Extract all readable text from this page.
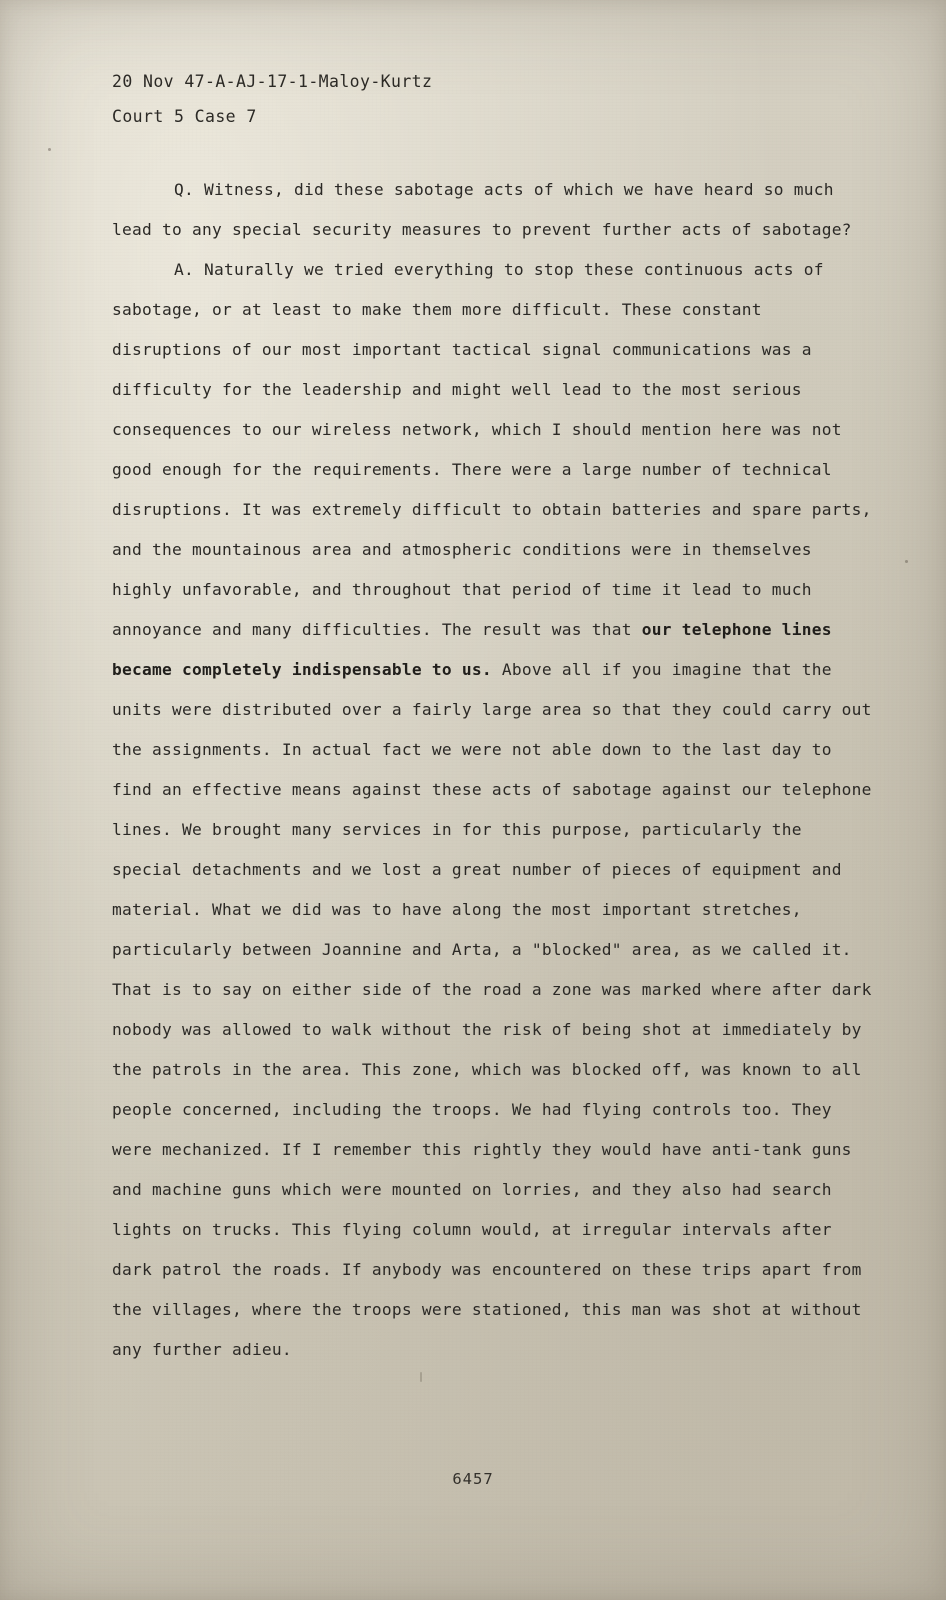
20 Nov 47-A-AJ-17-1-Maloy-Kurtz
Court 5 Case 7

Q. Witness, did these sabotage acts of which we have heard so much lead to any special security measures to prevent further acts of sabotage?

A. Naturally we tried everything to stop these continuous acts of sabotage, or at least to make them more difficult. These constant disruptions of our most important tactical signal communications was a difficulty for the leadership and might well lead to the most serious consequences to our wireless network, which I should mention here was not good enough for the requirements. There were a large number of technical disruptions. It was extremely difficult to obtain batteries and spare parts, and the mountainous area and atmospheric conditions were in themselves highly unfavorable, and throughout that period of time it lead to much annoyance and many difficulties. The result was that our telephone lines became completely indispensable to us. Above all if you imagine that the units were distributed over a fairly large area so that they could carry out the assignments. In actual fact we were not able down to the last day to find an effective means against these acts of sabotage against our telephone lines. We brought many services in for this purpose, particularly the special detachments and we lost a great number of pieces of equipment and material. What we did was to have along the most important stretches, particularly between Joannine and Arta, a "blocked" area, as we called it. That is to say on either side of the road a zone was marked where after dark nobody was allowed to walk without the risk of being shot at immediately by the patrols in the area. This zone, which was blocked off, was known to all people concerned, including the troops. We had flying controls too. They were mechanized. If I remember this rightly they would have anti-tank guns and machine guns which were mounted on lorries, and they also had search lights on trucks. This flying column would, at irregular intervals after dark patrol the roads. If anybody was encountered on these trips apart from the villages, where the troops were stationed, this man was shot at without any further adieu.

6457
